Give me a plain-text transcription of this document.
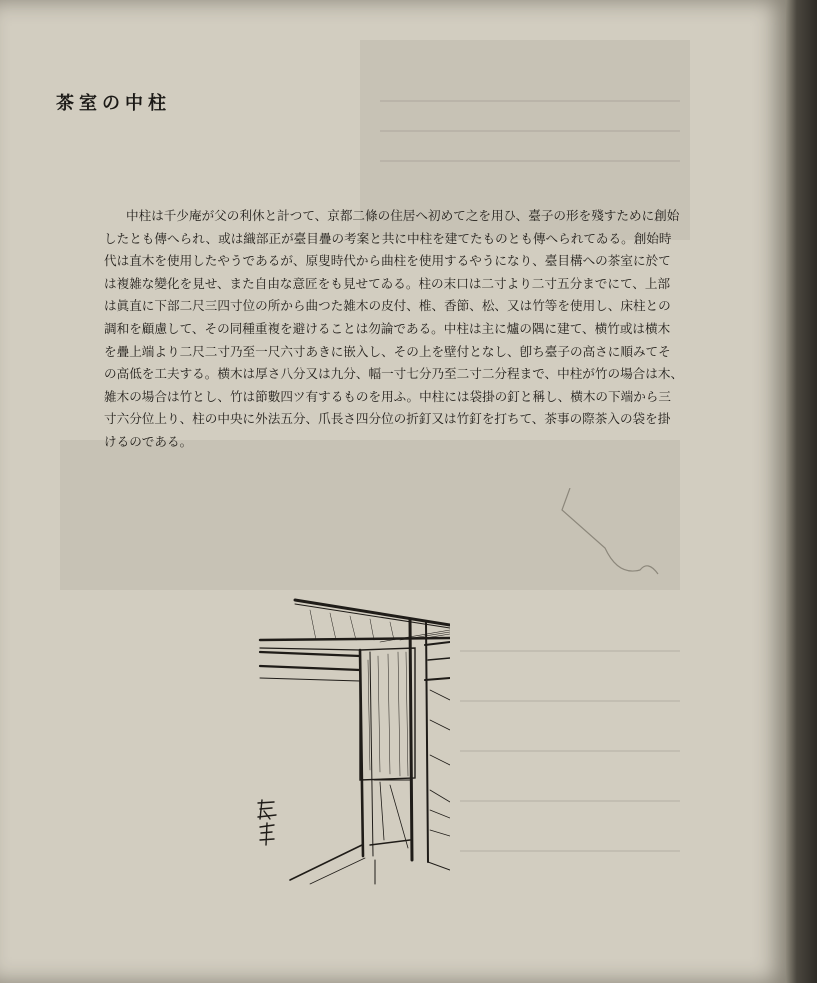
茶室の中柱
中柱は千少庵が父の利休と計つて、京都二條の住居へ初めて之を用ひ、臺子の形を殘すために創始
したとも傳へられ、或は織部正が臺目疊の考案と共に中柱を建てたものとも傳へられてゐる。創始時
代は直木を使用したやうであるが、原叟時代から曲柱を使用するやうになり、臺目構への茶室に於て
は複雑な變化を見せ、また自由な意匠をも見せてゐる。柱の末口は二寸より二寸五分までにて、上部
は眞直に下部二尺三四寸位の所から曲つた雑木の皮付、椎、香節、松、又は竹等を使用し、床柱との
調和を顧慮して、その同種重複を避けることは勿論である。中柱は主に爐の隅に建て、横竹或は横木
を疊上端より二尺二寸乃至一尺六寸あきに嵌入し、その上を壁付となし、卽ち臺子の高さに順みてそ
の高低を工夫する。横木は厚さ八分又は九分、幅一寸七分乃至二寸二分程まで、中柱が竹の場合は木、
雑木の場合は竹とし、竹は節數四ツ有するものを用ふ。中柱には袋掛の釘と稱し、横木の下端から三
寸六分位上り、柱の中央に外法五分、爪長さ四分位の折釘又は竹釘を打ちて、茶事の際茶入の袋を掛
けるのである。
